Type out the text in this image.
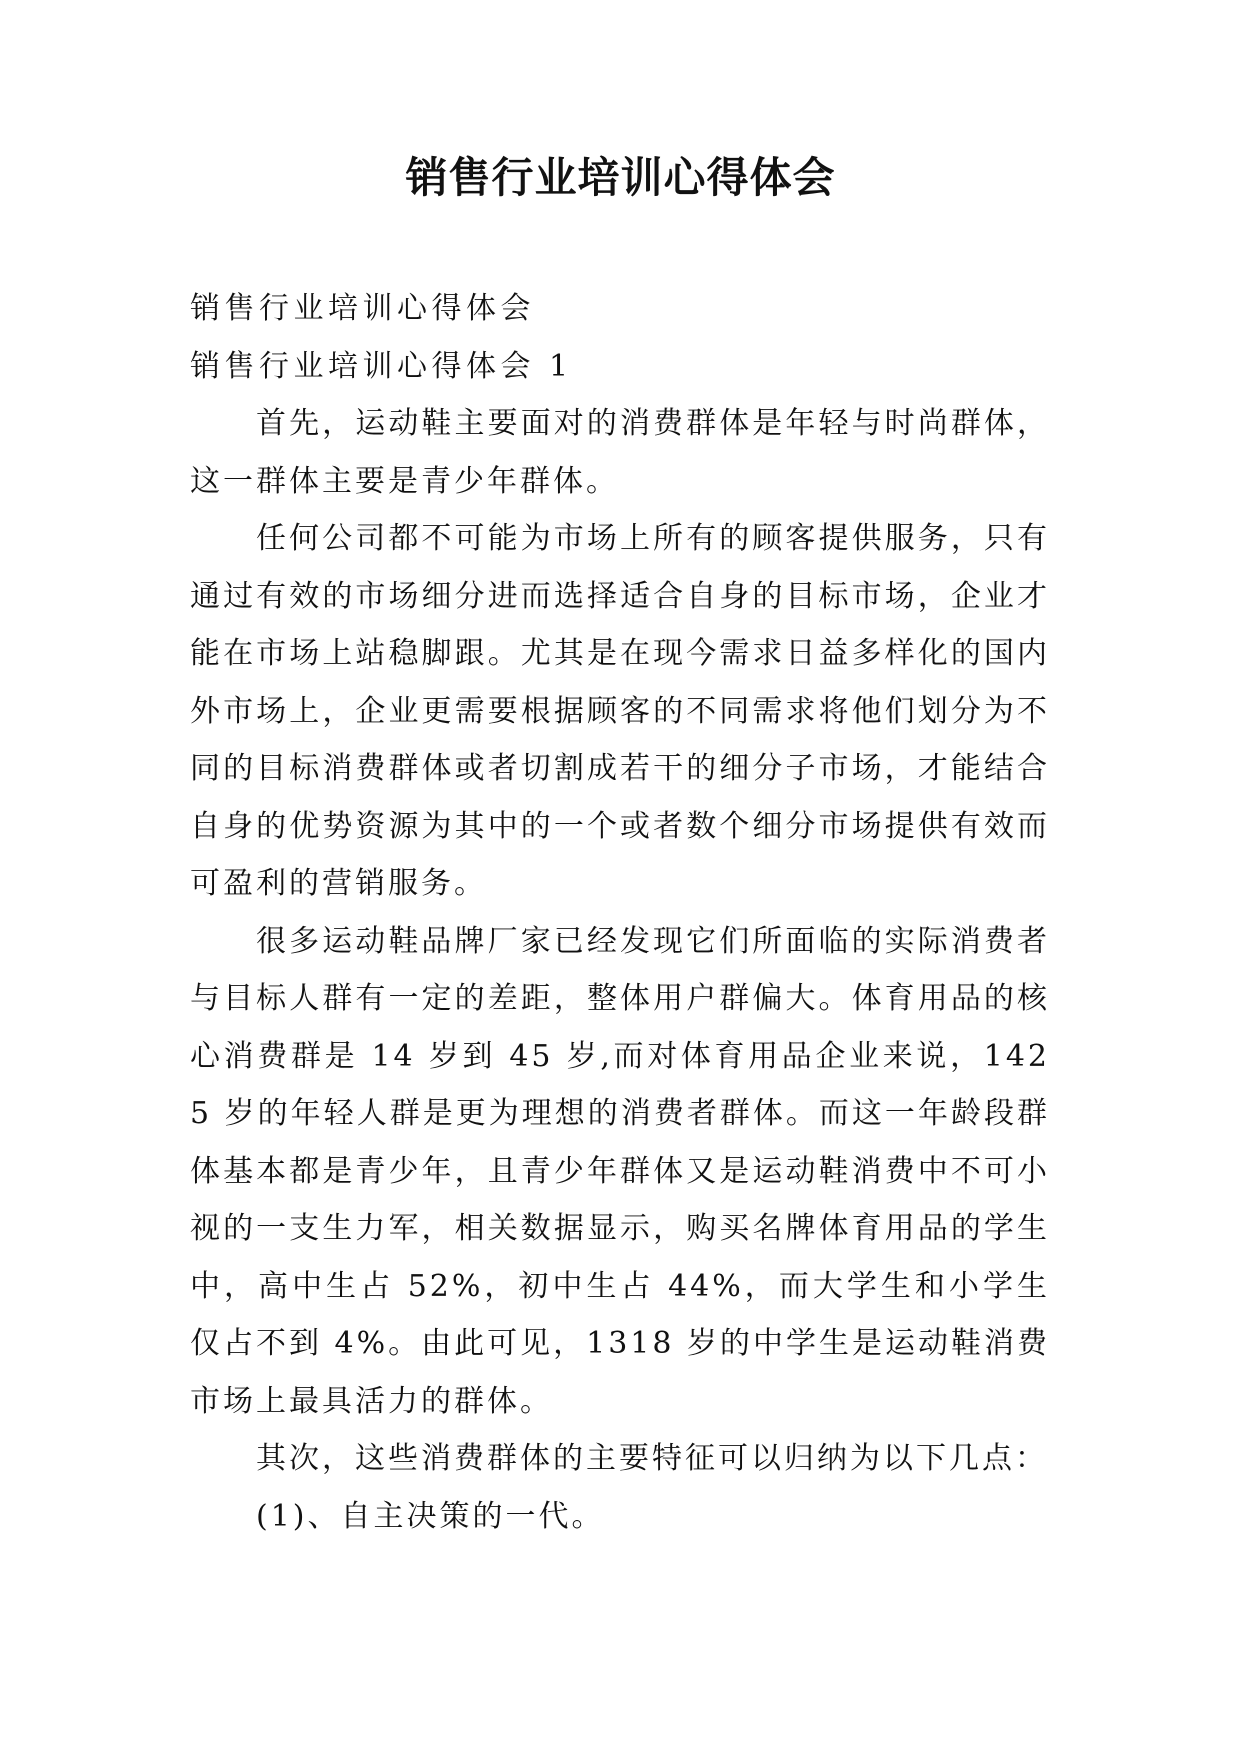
销售行业培训心得体会

销售行业培训心得体会

销售行业培训心得体会 1

首先，运动鞋主要面对的消费群体是年轻与时尚群体，这一群体主要是青少年群体。

任何公司都不可能为市场上所有的顾客提供服务，只有通过有效的市场细分进而选择适合自身的目标市场，企业才能在市场上站稳脚跟。尤其是在现今需求日益多样化的国内外市场上，企业更需要根据顾客的不同需求将他们划分为不同的目标消费群体或者切割成若干的细分子市场，才能结合自身的优势资源为其中的一个或者数个细分市场提供有效而可盈利的营销服务。

很多运动鞋品牌厂家已经发现它们所面临的实际消费者与目标人群有一定的差距，整体用户群偏大。体育用品的核心消费群是 14 岁到 45 岁,而对体育用品企业来说，1425 岁的年轻人群是更为理想的消费者群体。而这一年龄段群体基本都是青少年，且青少年群体又是运动鞋消费中不可小视的一支生力军，相关数据显示，购买名牌体育用品的学生中，高中生占 52%，初中生占 44%，而大学生和小学生仅占不到 4%。由此可见，1318 岁的中学生是运动鞋消费市场上最具活力的群体。

其次，这些消费群体的主要特征可以归纳为以下几点：

(1)、自主决策的一代。
